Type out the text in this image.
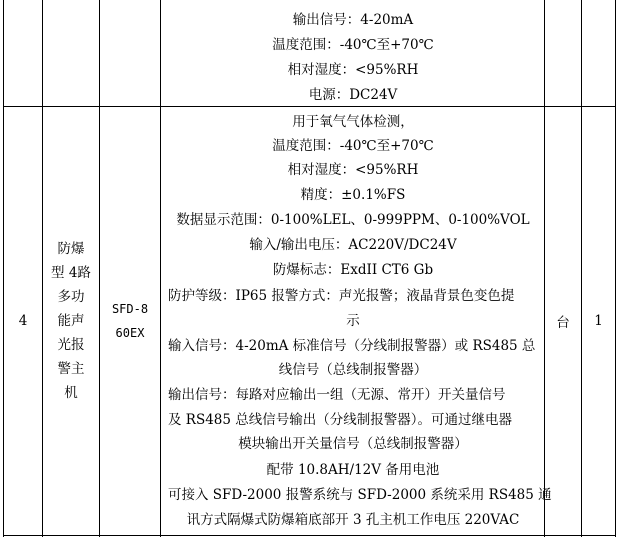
输出信号：4-20mA
温度范围：-40℃至+70℃
相对湿度：<95%RH
电源：DC24V
4
防爆
型 4路
多功
能声
光报
警主
机
SFD-8
60EX
用于氧气气体检测，
温度范围：-40℃至+70℃
相对湿度：<95%RH
精度：±0.1%FS
数据显示范围：0-100%LEL、0-999PPM、0-100%VOL
输入/输出电压：AC220V/DC24V
防爆标志：ExdII CT6 Gb
防护等级：IP65 报警方式：声光报警；液晶背景色变色提
示
输入信号：4-20mA 标准信号（分线制报警器）或 RS485 总
线信号（总线制报警器）
输出信号：每路对应输出一组（无源、常开）开关量信号
及 RS485 总线信号输出（分线制报警器）。可通过继电器
模块输出开关量信号（总线制报警器）
配带 10.8AH/12V 备用电池
可接入 SFD-2000 报警系统与 SFD-2000 系统采用 RS485 通
讯方式隔爆式防爆箱底部开 3 孔主机工作电压 220VAC
台 1
